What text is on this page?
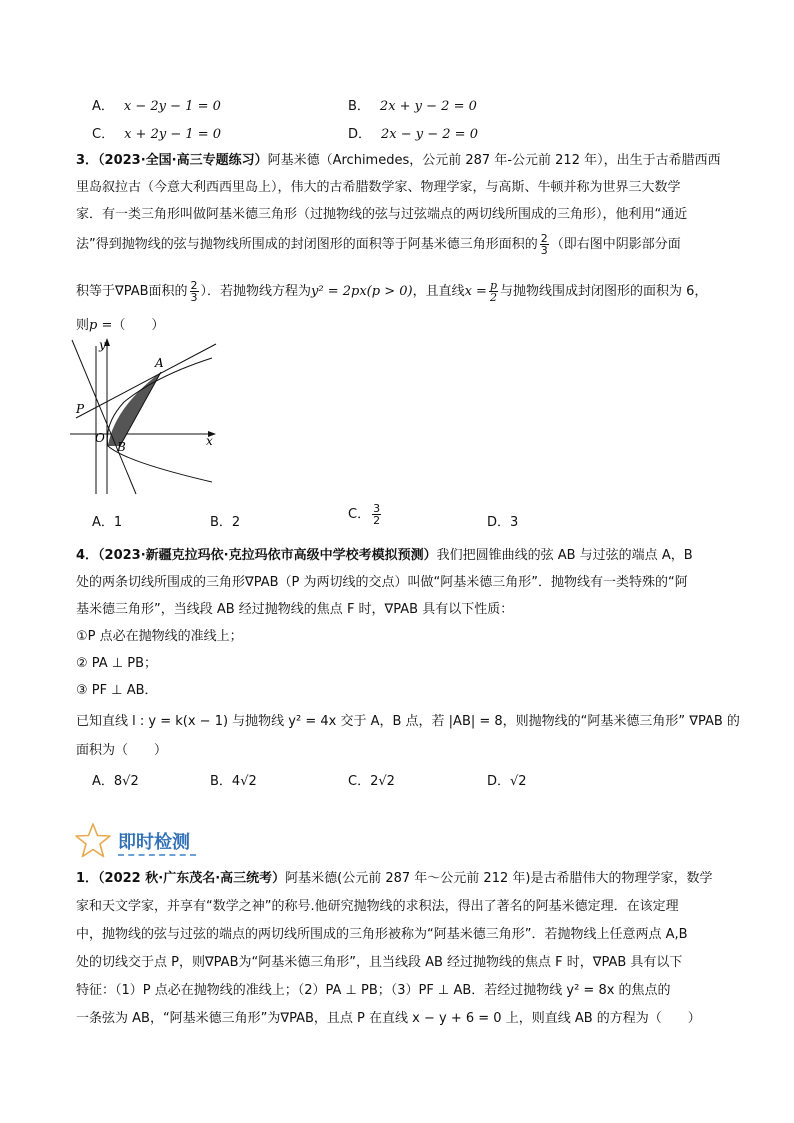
A． x − 2y − 1 = 0	B． 2x + y − 2 = 0
C． x + 2y − 1 = 0	D． 2x − y − 2 = 0
3．（2023·全国·高三专题练习）阿基米德（Archimedes，公元前 287 年-公元前 212 年），出生于古希腊西西
里岛叙拉古（今意大利西西里岛上），伟大的古希腊数学家、物理学家，与高斯、牛顿并称为世界三大数学
家．有一类三角形叫做阿基米德三角形（过抛物线的弦与过弦端点的两切线所围成的三角形），他利用“通近
法”得到抛物线的弦与抛物线所围成的封闭图形的面积等于阿基米德三角形面积的 $\frac{2}{3}$ （即右图中阴影部分面
积等于∇PAB面积的 $\frac{2}{3}$ ）．若抛物线方程为y² = 2px(p > 0)，且直线$x = \frac{p}{2}$ 与抛物线围成封闭图形的面积为 6，
则p =（　　）
y
x
A
P
O
B
A．1	B．2
C． $\frac{3}{2}$	D．3
4．（2023·新疆克拉玛依·克拉玛依市高级中学校考模拟预测）我们把圆锥曲线的弦 AB 与过弦的端点 A，B
处的两条切线所围成的三角形∇PAB（P 为两切线的交点）叫做“阿基米德三角形”．抛物线有一类特殊的“阿
基米德三角形”，当线段 AB 经过抛物线的焦点 F 时，∇PAB 具有以下性质：
①P 点必在抛物线的准线上；
② PA ⊥ PB；
③ PF ⊥ AB．
已知直线 l : y = k(x − 1) 与抛物线 y² = 4x 交于 A，B 点，若 |AB| = 8，则抛物线的“阿基米德三角形” ∇PAB 的
面积为（　　）
A．8√2	B．4√2	C．2√2	D．√2
即时检测
1．（2022 秋·广东茂名·高三统考）阿基米德(公元前 287 年～公元前 212 年)是古希腊伟大的物理学家，数学
家和天文学家，并享有“数学之神”的称号.他研究抛物线的求积法，得出了著名的阿基米德定理．在该定理
中，抛物线的弦与过弦的端点的两切线所围成的三角形被称为“阿基米德三角形”．若抛物线上任意两点 A,B
处的切线交于点 P，则∇PAB为“阿基米德三角形”，且当线段 AB 经过抛物线的焦点 F 时，∇PAB 具有以下
特征：（1）P 点必在抛物线的准线上；（2）PA ⊥ PB；（3）PF ⊥ AB．若经过抛物线 y² = 8x 的焦点的
一条弦为 AB，“阿基米德三角形”为∇PAB，且点 P 在直线 x − y + 6 = 0 上，则直线 AB 的方程为（　　）
